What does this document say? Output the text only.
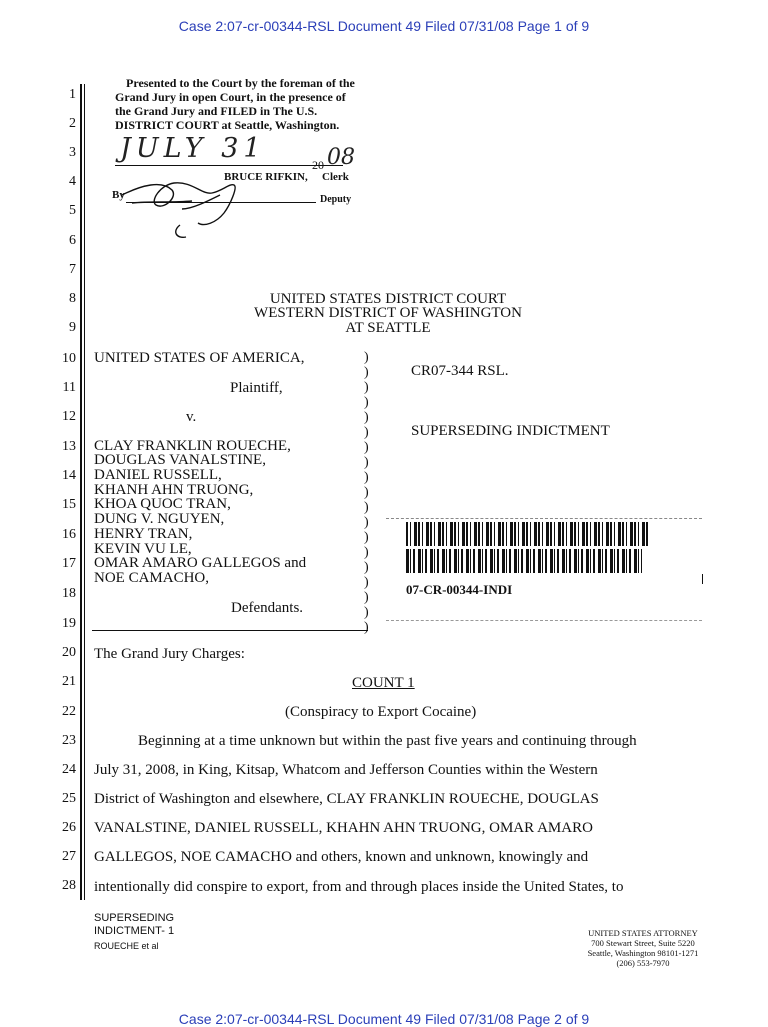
Case 2:07-cr-00344-RSL Document 49 Filed 07/31/08 Page 1 of 9
1
2
3
4
5
6
7
8
9
10
11
12
13
14
15
16
17
18
19
20
21
22
23
24
25
26
27
28
Presented to the Court by the foreman of the
Grand Jury in open Court, in the presence of
the Grand Jury and FILED in The U.S.
DISTRICT COURT at Seattle, Washington.
JULY 31
20 08
BRUCE RIFKIN, Clerk
By	Deputy
UNITED STATES DISTRICT COURT
WESTERN DISTRICT OF WASHINGTON
AT SEATTLE
UNITED STATES OF AMERICA,
Plaintiff,
v.
CLAY FRANKLIN ROUECHE,
DOUGLAS VANALSTINE,
DANIEL RUSSELL,
KHANH AHN TRUONG,
KHOA QUOC TRAN,
DUNG V. NGUYEN,
HENRY TRAN,
KEVIN VU LE,
OMAR AMARO GALLEGOS and
NOE CAMACHO,
Defendants.
)
)
)
)
)
)
)
)
)
)
)
)
)
)
)
)
)
)
)
CR07-344 RSL.
SUPERSEDING INDICTMENT
07-CR-00344-INDI
The Grand Jury Charges:
COUNT 1
(Conspiracy to Export Cocaine)
Beginning at a time unknown but within the past five years and continuing through
July 31, 2008, in King, Kitsap, Whatcom and Jefferson Counties within the Western
District of Washington and elsewhere, CLAY FRANKLIN ROUECHE, DOUGLAS
VANALSTINE, DANIEL RUSSELL, KHAHN AHN TRUONG, OMAR AMARO
GALLEGOS, NOE CAMACHO and others, known and unknown, knowingly and
intentionally did conspire to export, from and through places inside the United States, to
SUPERSEDING
INDICTMENT- 1
ROUECHE et al
UNITED STATES ATTORNEY
700 Stewart Street, Suite 5220
Seattle, Washington 98101-1271
(206) 553-7970
Case 2:07-cr-00344-RSL Document 49 Filed 07/31/08 Page 2 of 9
